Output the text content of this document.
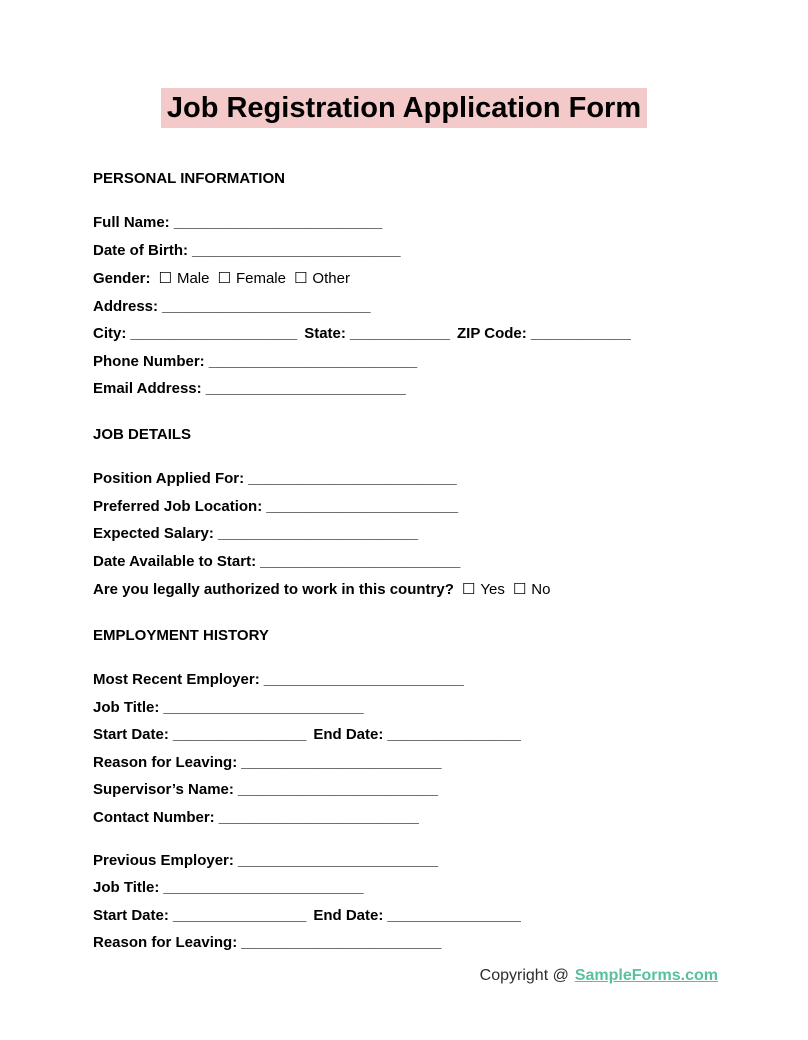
Job Registration Application Form

PERSONAL INFORMATION

Full Name: _________________________

Date of Birth: _________________________

Gender: ☐ Male ☐ Female ☐ Other

Address: _________________________

City: ____________________ State: ____________ ZIP Code: ____________

Phone Number: _________________________

Email Address: ________________________

JOB DETAILS

Position Applied For: _________________________

Preferred Job Location: _______________________

Expected Salary: ________________________

Date Available to Start: ________________________

Are you legally authorized to work in this country? ☐ Yes ☐ No

EMPLOYMENT HISTORY

Most Recent Employer: ________________________

Job Title: ________________________

Start Date: ________________ End Date: ________________

Reason for Leaving: ________________________

Supervisor’s Name: ________________________

Contact Number: ________________________

Previous Employer: ________________________

Job Title: ________________________

Start Date: ________________ End Date: ________________

Reason for Leaving: ________________________

Copyright @ SampleForms.com
